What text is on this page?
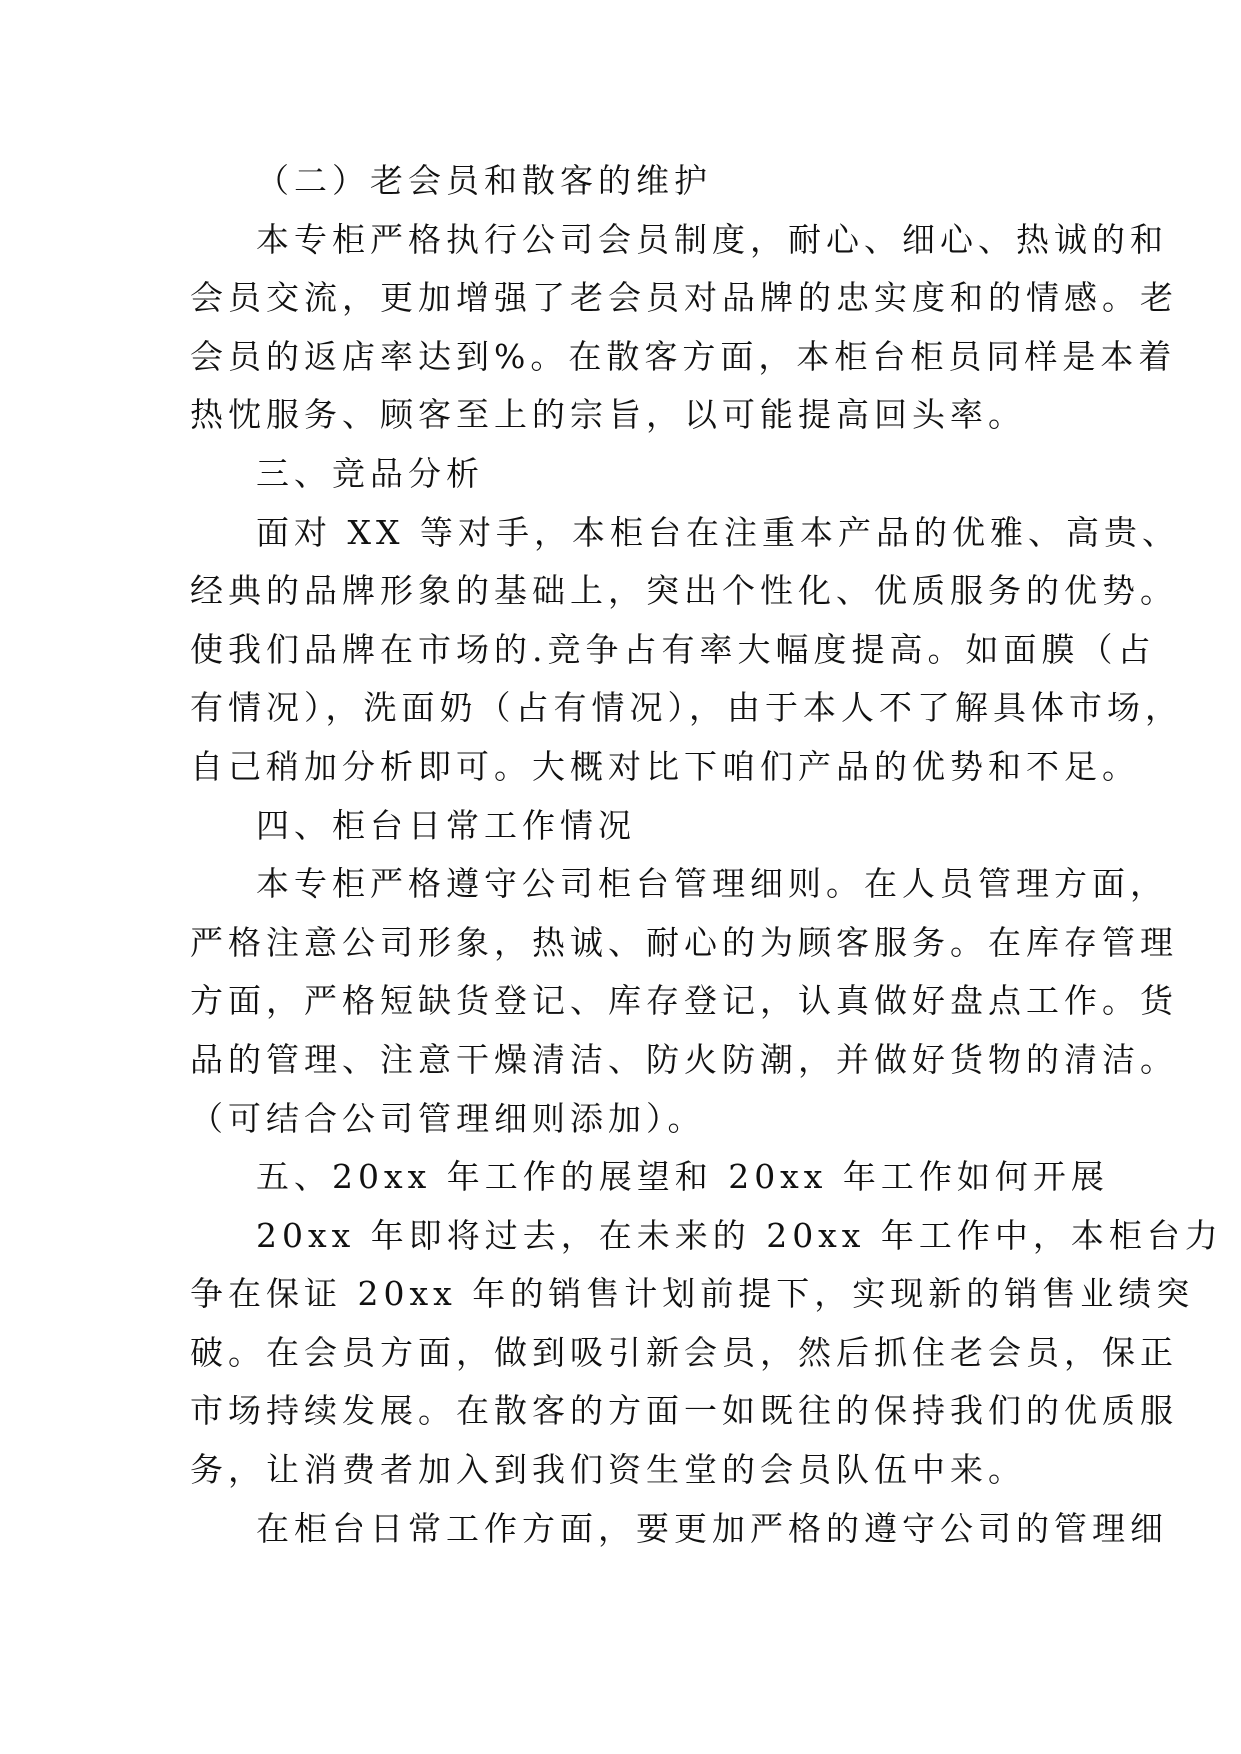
（二）老会员和散客的维护
本专柜严格执行公司会员制度，耐心、细心、热诚的和
会员交流，更加增强了老会员对品牌的忠实度和的情感。老
会员的返店率达到%。在散客方面，本柜台柜员同样是本着
热忱服务、顾客至上的宗旨，以可能提高回头率。
三、竞品分析
面对 XX 等对手，本柜台在注重本产品的优雅、高贵、
经典的品牌形象的基础上，突出个性化、优质服务的优势。
使我们品牌在市场的.竞争占有率大幅度提高。如面膜（占
有情况），洗面奶（占有情况），由于本人不了解具体市场，
自己稍加分析即可。大概对比下咱们产品的优势和不足。
四、柜台日常工作情况
本专柜严格遵守公司柜台管理细则。在人员管理方面，
严格注意公司形象，热诚、耐心的为顾客服务。在库存管理
方面，严格短缺货登记、库存登记，认真做好盘点工作。货
品的管理、注意干燥清洁、防火防潮，并做好货物的清洁。
（可结合公司管理细则添加）。
五、20xx 年工作的展望和 20xx 年工作如何开展
20xx 年即将过去，在未来的 20xx 年工作中，本柜台力
争在保证 20xx 年的销售计划前提下，实现新的销售业绩突
破。在会员方面，做到吸引新会员，然后抓住老会员，保正
市场持续发展。在散客的方面一如既往的保持我们的优质服
务，让消费者加入到我们资生堂的会员队伍中来。
在柜台日常工作方面，要更加严格的遵守公司的管理细
